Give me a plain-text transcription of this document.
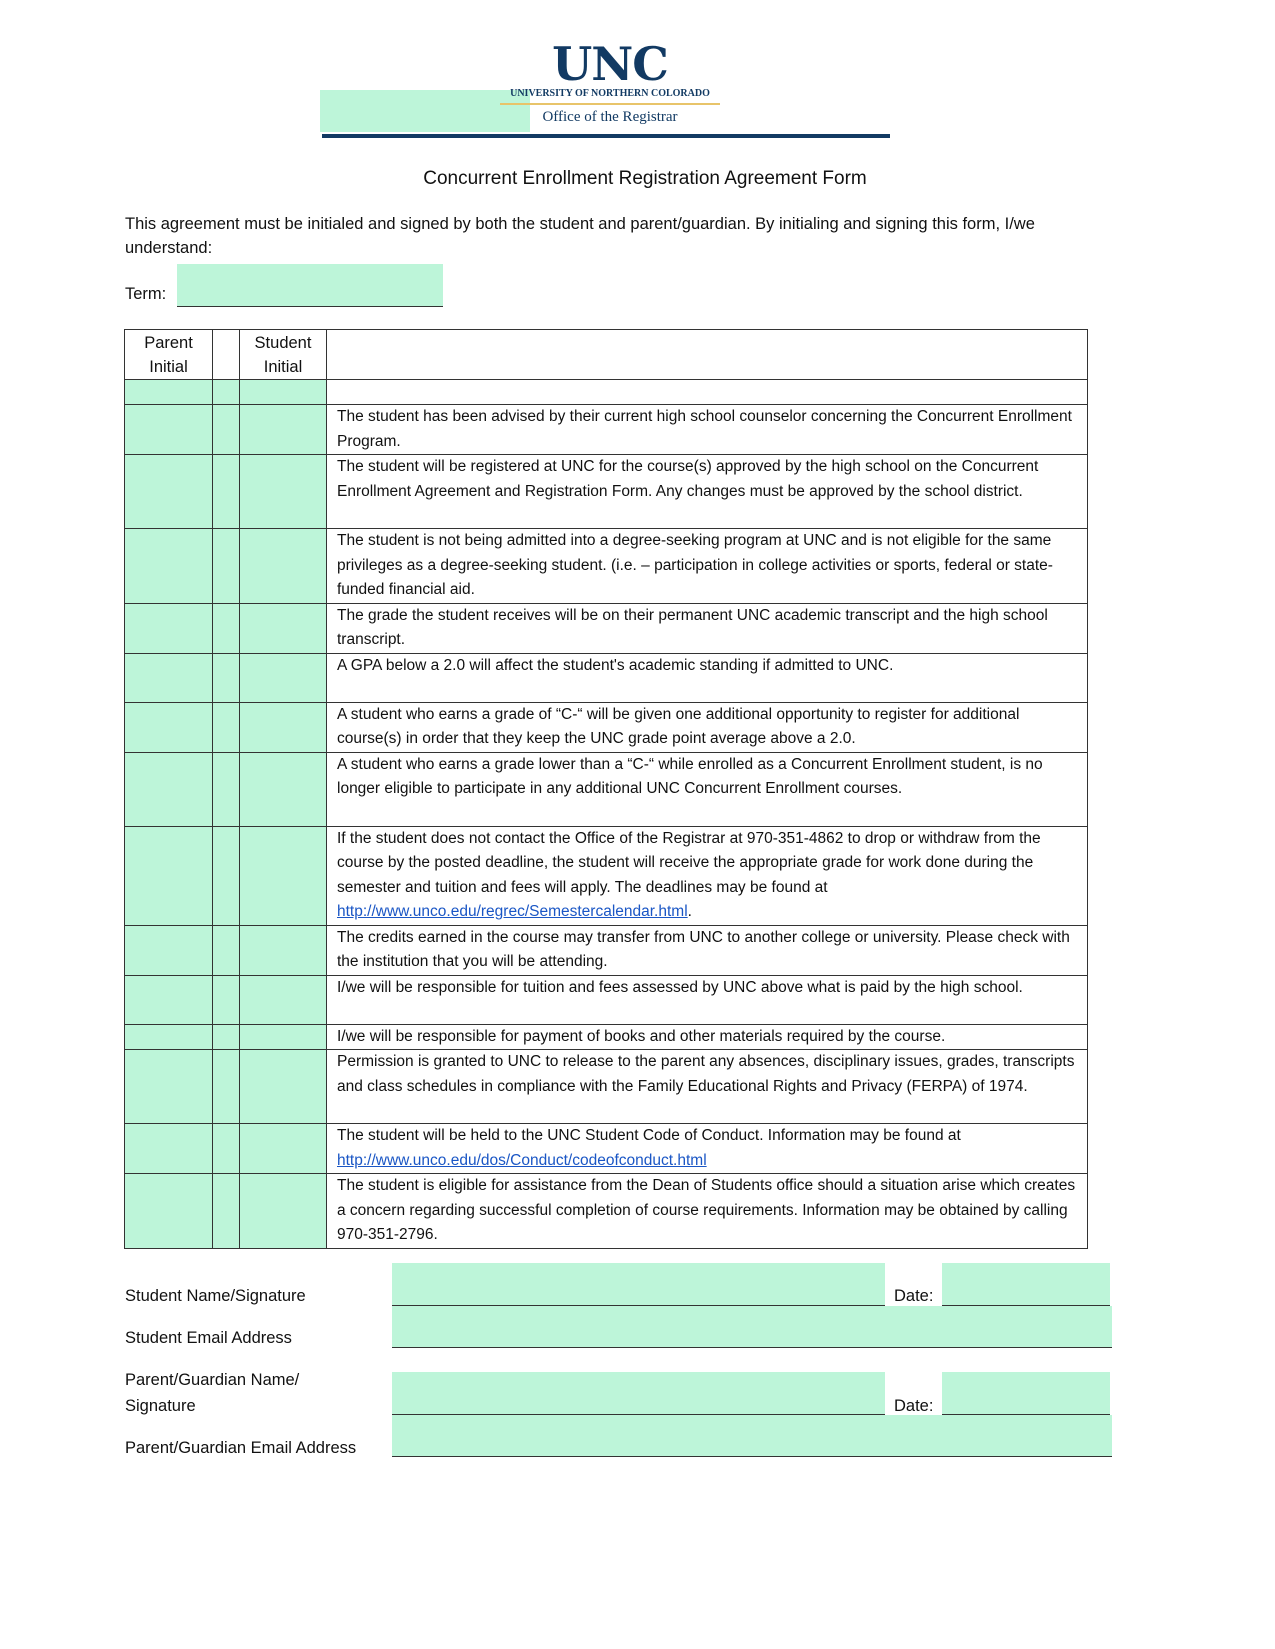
UNC
UNIVERSITY OF NORTHERN COLORADO
Office of the Registrar
Concurrent Enrollment Registration Agreement Form
This agreement must be initialed and signed by both the student and parent/guardian. By initialing and signing this form, I/we understand:
Term:
Parent Initial		Student Initial	

			The student has been advised by their current high school counselor concerning the Concurrent Enrollment Program.
			The student will be registered at UNC for the course(s) approved by the high school on the Concurrent Enrollment Agreement and Registration Form. Any changes must be approved by the school district.
			The student is not being admitted into a degree-seeking program at UNC and is not eligible for the same privileges as a degree-seeking student. (i.e. – participation in college activities or sports, federal or state-funded financial aid.
			The grade the student receives will be on their permanent UNC academic transcript and the high school transcript.
			A GPA below a 2.0 will affect the student's academic standing if admitted to UNC.
			A student who earns a grade of “C-“ will be given one additional opportunity to register for additional course(s) in order that they keep the UNC grade point average above a 2.0.
			A student who earns a grade lower than a “C-“ while enrolled as a Concurrent Enrollment student, is no longer eligible to participate in any additional UNC Concurrent Enrollment courses.
			If the student does not contact the Office of the Registrar at 970-351-4862 to drop or withdraw from the course by the posted deadline, the student will receive the appropriate grade for work done during the semester and tuition and fees will apply. The deadlines may be found at http://www.unco.edu/regrec/Semestercalendar.html.
			The credits earned in the course may transfer from UNC to another college or university. Please check with the institution that you will be attending.
			I/we will be responsible for tuition and fees assessed by UNC above what is paid by the high school.
			I/we will be responsible for payment of books and other materials required by the course.
			Permission is granted to UNC to release to the parent any absences, disciplinary issues, grades, transcripts and class schedules in compliance with the Family Educational Rights and Privacy (FERPA) of 1974.
			The student will be held to the UNC Student Code of Conduct. Information may be found at http://www.unco.edu/dos/Conduct/codeofconduct.html
			The student is eligible for assistance from the Dean of Students office should a situation arise which creates a concern regarding successful completion of course requirements. Information may be obtained by calling 970-351-2796.
Student Name/Signature	Date:
Student Email Address
Parent/Guardian Name/ Signature	Date:
Parent/Guardian Email Address
